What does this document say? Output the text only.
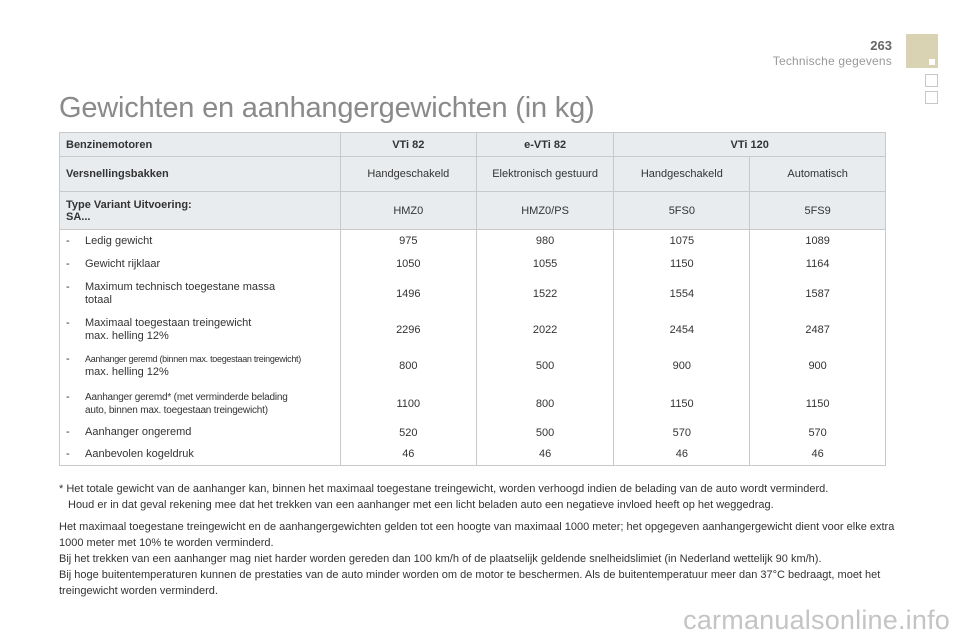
263
Technische gegevens
Gewichten en aanhangergewichten (in kg)
Benzinemotoren	VTi 82	e-VTi 82	VTi 120	
Versnellingsbakken	Handgeschakeld	Elektronisch gestuurd	Handgeschakeld	Automatisch

Type Variant Uitvoering:
SA...	HMZ0	HMZ0/PS	5FS0	5FS9
- Ledig gewicht	975	980	1075	1089
- Gewicht rijklaar	1050	1055	1150	1164
- Maximum technisch toegestane massa
totaal	1496	1522	1554	1587
- Maximaal toegestaan treingewicht
max. helling 12%	2296	2022	2454	2487
- Aanhanger geremd (binnen max. toegestaan treingewicht)
max. helling 12%	800	500	900	900
- Aanhanger geremd* (met verminderde belading
auto, binnen max. toegestaan treingewicht)	1100	800	1150	1150
- Aanhanger ongeremd	520	500	570	570
- Aanbevolen kogeldruk	46	46	46	46
* Het totale gewicht van de aanhanger kan, binnen het maximaal toegestane treingewicht, worden verhoogd indien de belading van de auto wordt verminderd.
Houd er in dat geval rekening mee dat het trekken van een aanhanger met een licht beladen auto een negatieve invloed heeft op het weggedrag.

Het maximaal toegestane treingewicht en de aanhangergewichten gelden tot een hoogte van maximaal 1000 meter; het opgegeven aanhangergewicht dient voor elke extra 1000 meter met 10% te worden verminderd.

Bij het trekken van een aanhanger mag niet harder worden gereden dan 100 km/h of de plaatselijk geldende snelheidslimiet (in Nederland wettelijk 90 km/h).

Bij hoge buitentemperaturen kunnen de prestaties van de auto minder worden om de motor te beschermen. Als de buitentemperatuur meer dan 37°C bedraagt, moet het treingewicht worden verminderd.

carmanualsonline.info
